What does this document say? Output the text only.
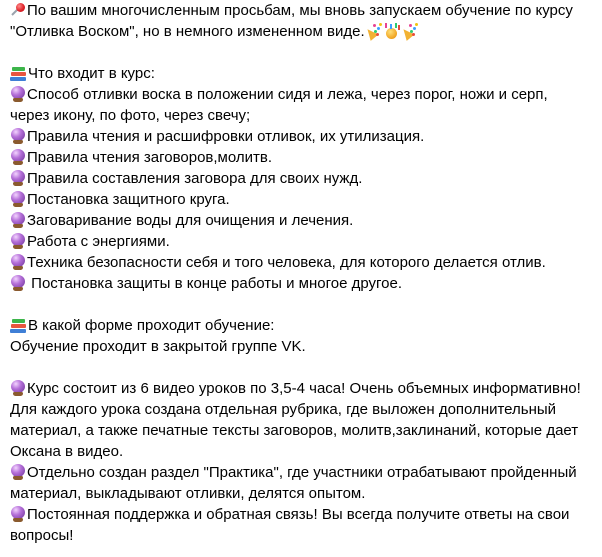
По вашим многочисленным просьбам, мы вновь запускаем обучение по курсу
"Отливка Воском", но в немного измененном виде.
Что входит в курс:
Способ отливки воска в положении сидя и лежа, через порог, ножи и серп,
через икону, по фото, через свечу;
Правила чтения и расшифровки отливок, их утилизация.
Правила чтения заговоров,молитв.
Правила составления заговора для своих нужд.
Постановка защитного круга.
Заговаривание воды для очищения и лечения.
Работа с энергиями.
Техника безопасности себя и того человека, для которого делается отлив.
Постановка защиты в конце работы и многое другое.
В какой форме проходит обучение:
Обучение проходит в закрытой группе VK.
Курс состоит из 6 видео уроков по 3,5-4 часа! Очень объемных информативно!
Для каждого урока создана отдельная рубрика, где выложен дополнительный
материал, а также печатные тексты заговоров, молитв,заклинаний, которые дает
Оксана в видео.
Отдельно создан раздел "Практика", где участники отрабатывают пройденный
материал, выкладывают отливки, делятся опытом.
Постоянная поддержка и обратная связь! Вы всегда получите ответы на свои
вопросы!
